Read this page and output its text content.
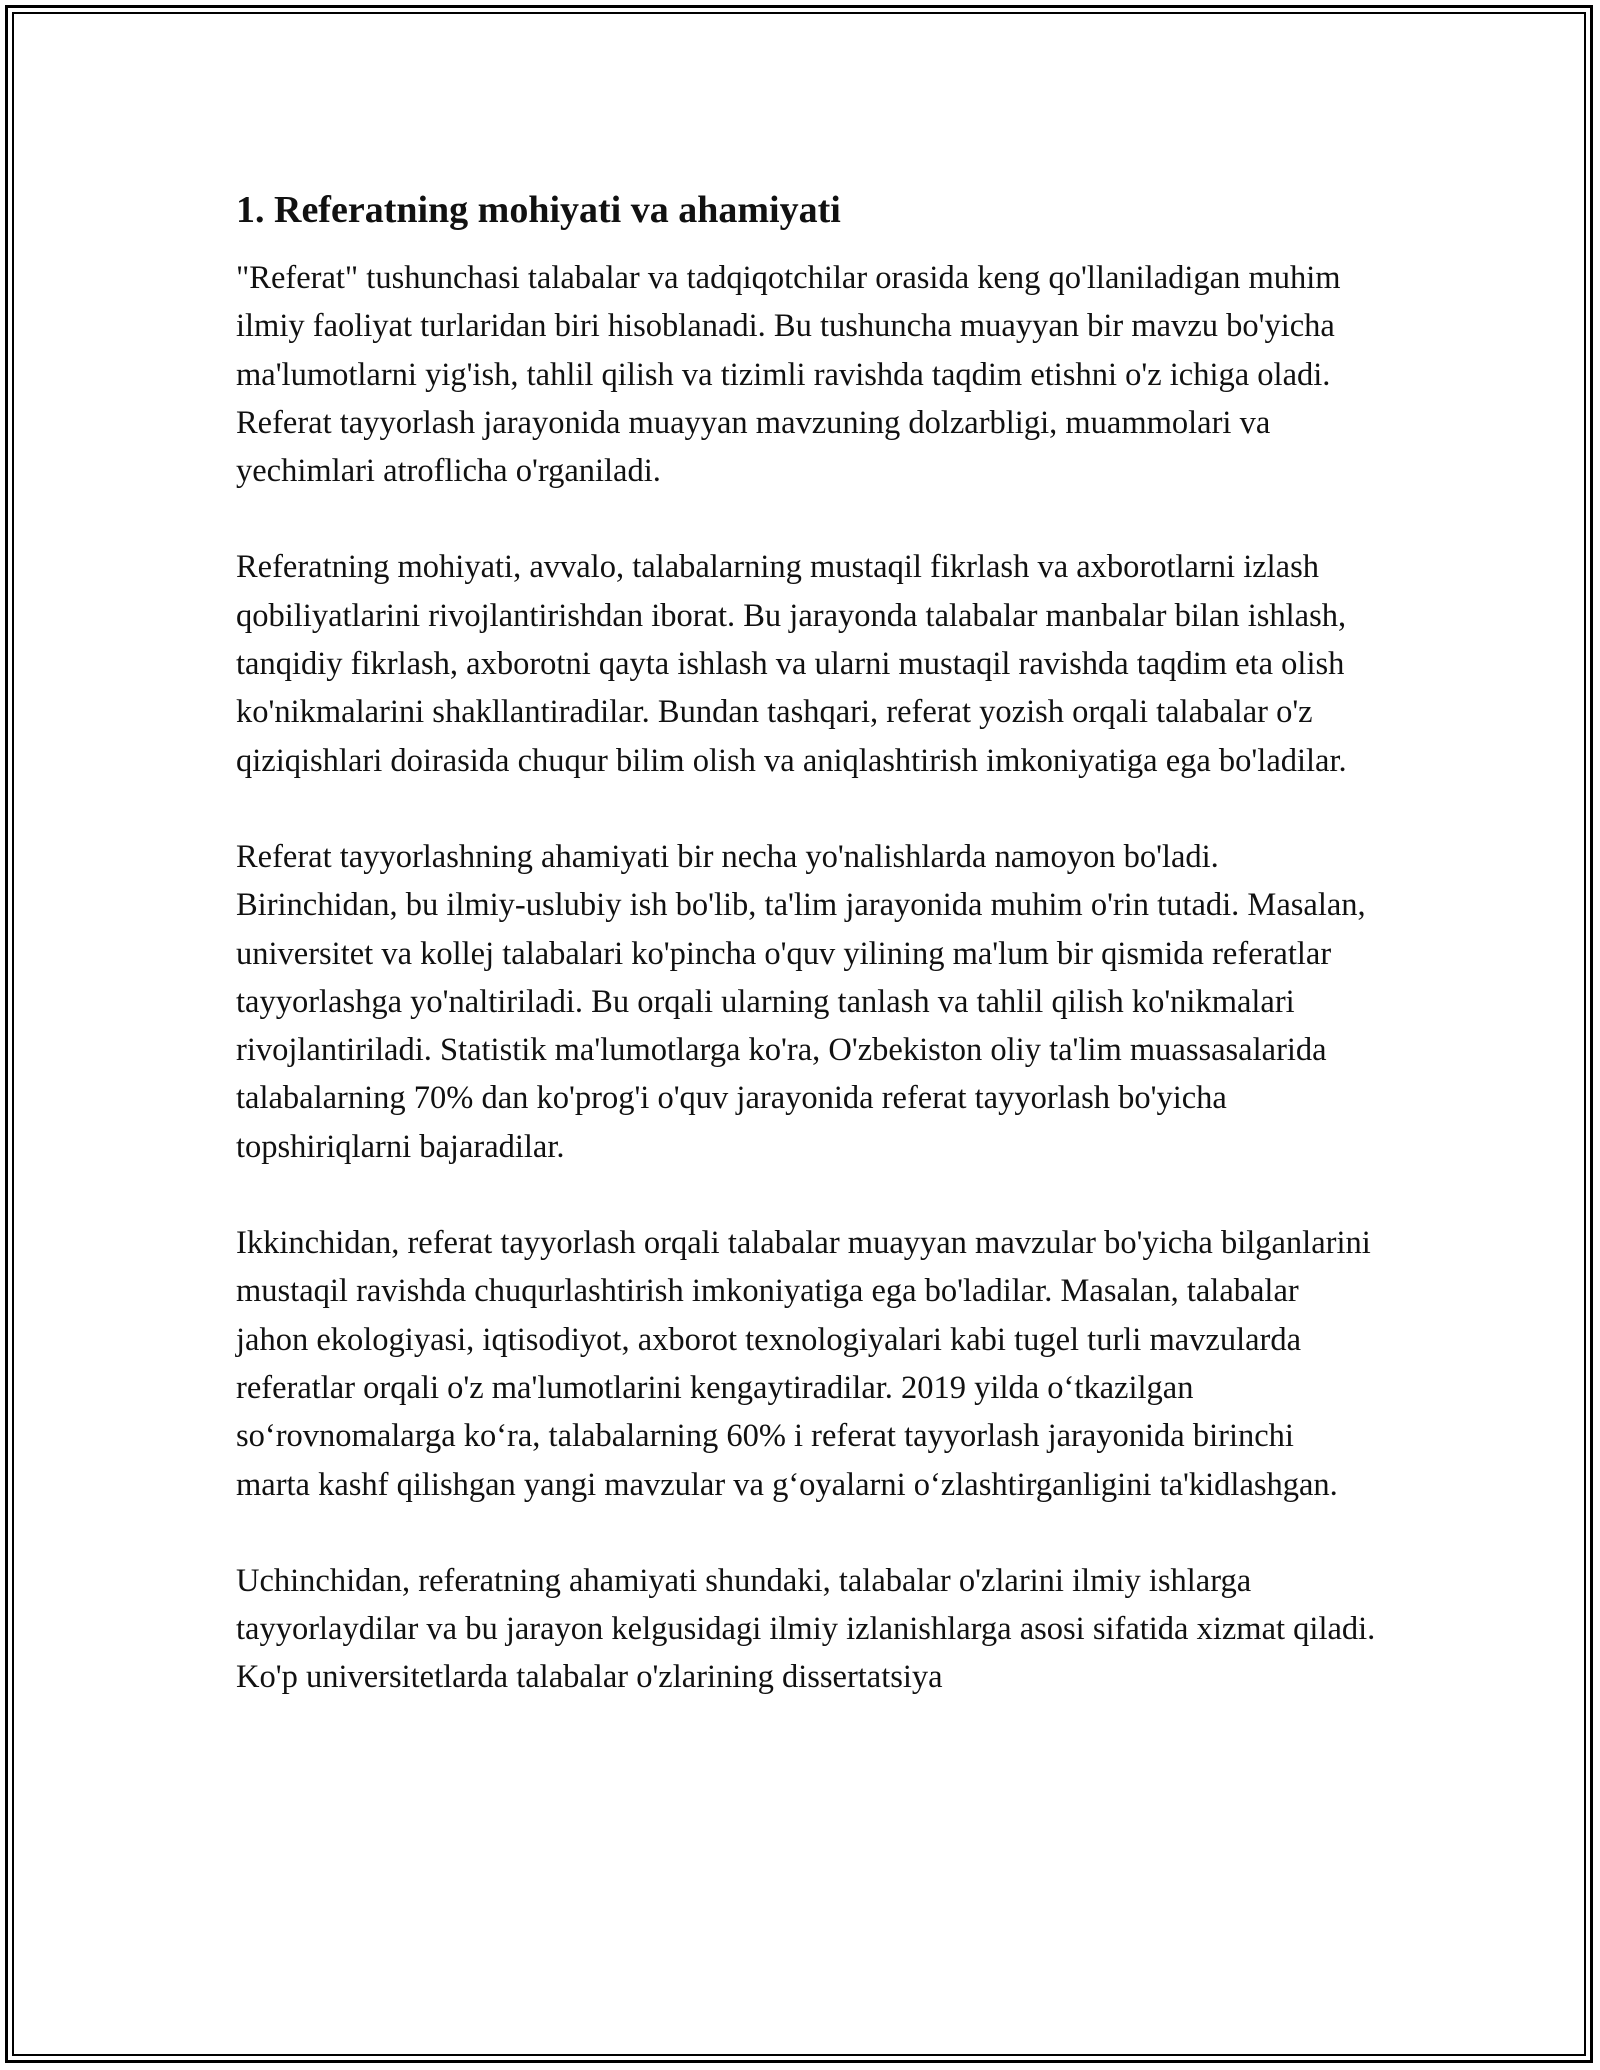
1. Referatning mohiyati va ahamiyati

"Referat" tushunchasi talabalar va tadqiqotchilar orasida keng qo'llaniladigan muhim ilmiy faoliyat turlaridan biri hisoblanadi. Bu tushuncha muayyan bir mavzu bo'yicha ma'lumotlarni yig'ish, tahlil qilish va tizimli ravishda taqdim etishni o'z ichiga oladi. Referat tayyorlash jarayonida muayyan mavzuning dolzarbligi, muammolari va yechimlari atroflicha o'rganiladi.

Referatning mohiyati, avvalo, talabalarning mustaqil fikrlash va axborotlarni izlash qobiliyatlarini rivojlantirishdan iborat. Bu jarayonda talabalar manbalar bilan ishlash, tanqidiy fikrlash, axborotni qayta ishlash va ularni mustaqil ravishda taqdim eta olish ko'nikmalarini shakllantiradilar. Bundan tashqari, referat yozish orqali talabalar o'z qiziqishlari doirasida chuqur bilim olish va aniqlashtirish imkoniyatiga ega bo'ladilar.

Referat tayyorlashning ahamiyati bir necha yo'nalishlarda namoyon bo'ladi. Birinchidan, bu ilmiy-uslubiy ish bo'lib, ta'lim jarayonida muhim o'rin tutadi. Masalan, universitet va kollej talabalari ko'pincha o'quv yilining ma'lum bir qismida referatlar tayyorlashga yo'naltiriladi. Bu orqali ularning tanlash va tahlil qilish ko'nikmalari rivojlantiriladi. Statistik ma'lumotlarga ko'ra, O'zbekiston oliy ta'lim muassasalarida talabalarning 70% dan ko'prog'i o'quv jarayonida referat tayyorlash bo'yicha topshiriqlarni bajaradilar.

Ikkinchidan, referat tayyorlash orqali talabalar muayyan mavzular bo'yicha bilganlarini mustaqil ravishda chuqurlashtirish imkoniyatiga ega bo'ladilar. Masalan, talabalar jahon ekologiyasi, iqtisodiyot, axborot texnologiyalari kabi tugel turli mavzularda referatlar orqali o'z ma'lumotlarini kengaytiradilar. 2019 yilda o‘tkazilgan so‘rovnomalarga ko‘ra, talabalarning 60% i referat tayyorlash jarayonida birinchi marta kashf qilishgan yangi mavzular va g‘oyalarni o‘zlashtirganligini ta'kidlashgan.

Uchinchidan, referatning ahamiyati shundaki, talabalar o'zlarini ilmiy ishlarga tayyorlaydilar va bu jarayon kelgusidagi ilmiy izlanishlarga asosi sifatida xizmat qiladi. Ko'p universitetlarda talabalar o'zlarining dissertatsiya
